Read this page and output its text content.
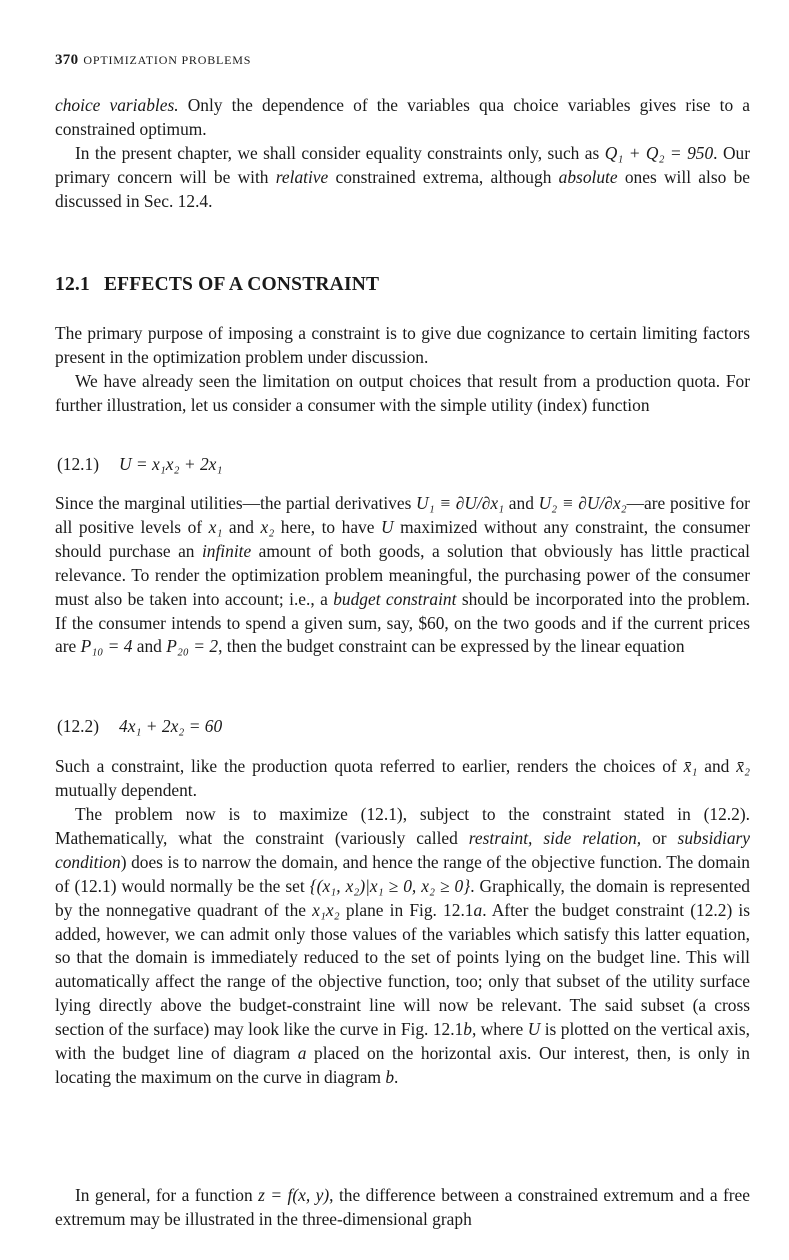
370 OPTIMIZATION PROBLEMS

choice variables. Only the dependence of the variables qua choice variables gives rise to a constrained optimum.

In the present chapter, we shall consider equality constraints only, such as Q₁ + Q₂ = 950. Our primary concern will be with relative constrained extrema, although absolute ones will also be discussed in Sec. 12.4.

12.1 EFFECTS OF A CONSTRAINT

The primary purpose of imposing a constraint is to give due cognizance to certain limiting factors present in the optimization problem under discussion.

We have already seen the limitation on output choices that result from a production quota. For further illustration, let us consider a consumer with the simple utility (index) function

(12.1) U = x₁x₂ + 2x₁

Since the marginal utilities—the partial derivatives U₁ ≡ ∂U/∂x₁ and U₂ ≡ ∂U/∂x₂—are positive for all positive levels of x₁ and x₂ here, to have U maximized without any constraint, the consumer should purchase an infinite amount of both goods, a solution that obviously has little practical relevance. To render the optimization problem meaningful, the purchasing power of the consumer must also be taken into account; i.e., a budget constraint should be incorporated into the problem. If the consumer intends to spend a given sum, say, $60, on the two goods and if the current prices are P₁₀ = 4 and P₂₀ = 2, then the budget constraint can be expressed by the linear equation

(12.2) 4x₁ + 2x₂ = 60

Such a constraint, like the production quota referred to earlier, renders the choices of x̄₁ and x̄₂ mutually dependent.

The problem now is to maximize (12.1), subject to the constraint stated in (12.2). Mathematically, what the constraint (variously called restraint, side relation, or subsidiary condition) does is to narrow the domain, and hence the range of the objective function. The domain of (12.1) would normally be the set {(x₁, x₂)|x₁ ≥ 0, x₂ ≥ 0}. Graphically, the domain is represented by the nonnegative quadrant of the x₁x₂ plane in Fig. 12.1a. After the budget constraint (12.2) is added, however, we can admit only those values of the variables which satisfy this latter equation, so that the domain is immediately reduced to the set of points lying on the budget line. This will automatically affect the range of the objective function, too; only that subset of the utility surface lying directly above the budget-constraint line will now be relevant. The said subset (a cross section of the surface) may look like the curve in Fig. 12.1b, where U is plotted on the vertical axis, with the budget line of diagram a placed on the horizontal axis. Our interest, then, is only in locating the maximum on the curve in diagram b.

In general, for a function z = f(x, y), the difference between a constrained extremum and a free extremum may be illustrated in the three-dimensional graph
